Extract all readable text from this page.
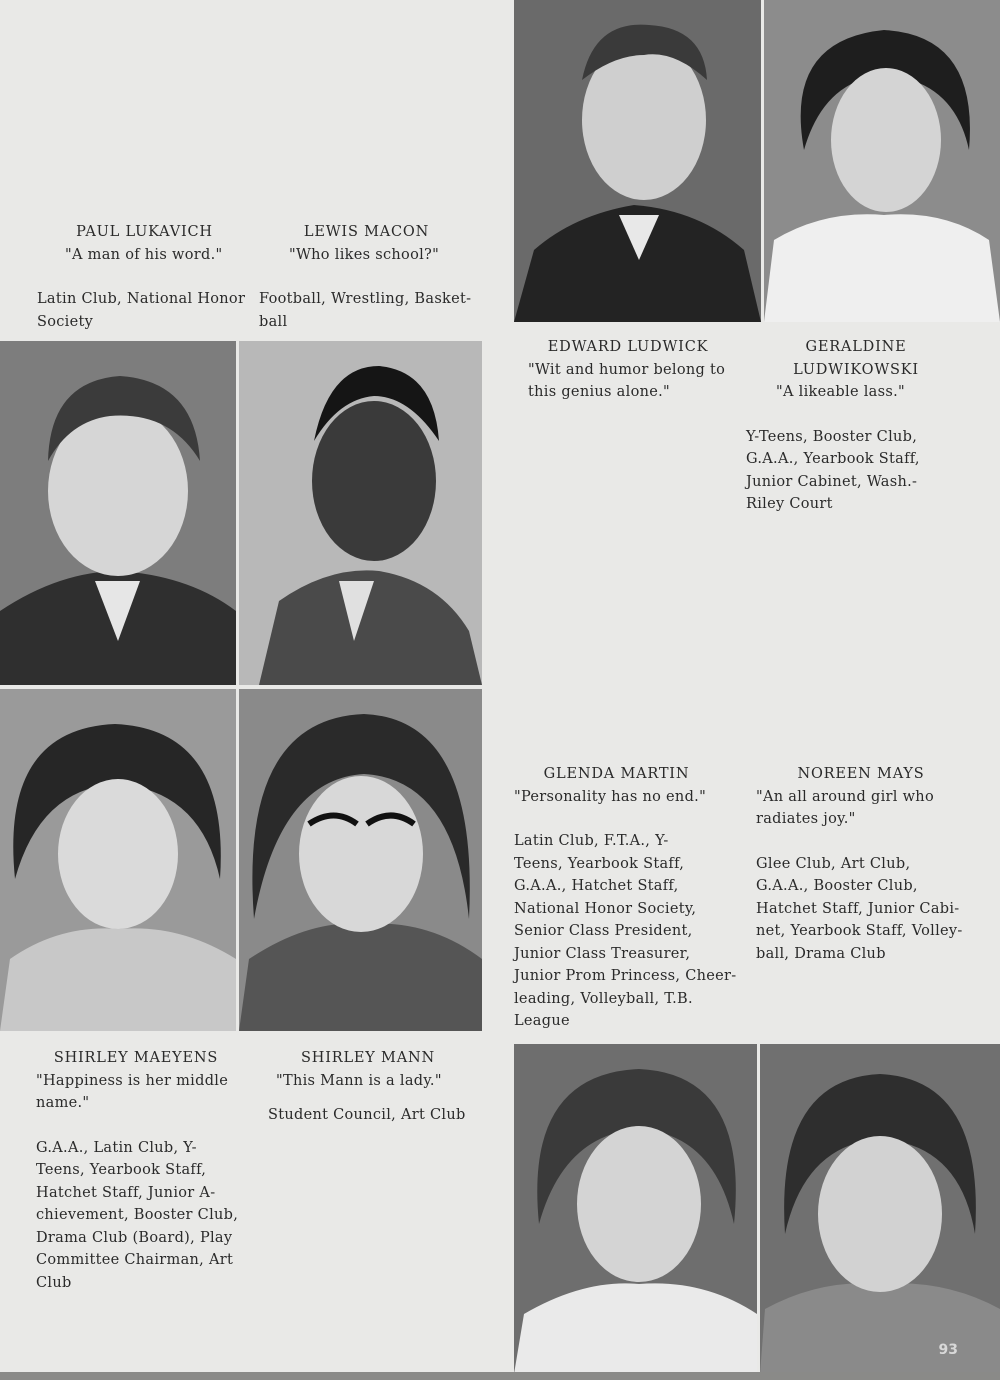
PAUL LUKAVICH
"A man of his word."
Latin Club, National Honor
Society
LEWIS MACON
"Who likes school?"
Football, Wrestling, Basket-
ball
EDWARD LUDWICK
"Wit and humor belong to
this genius alone."
GERALDINE LUDWIKOWSKI
"A likeable lass."
Y-Teens, Booster Club,
G.A.A., Yearbook Staff,
Junior Cabinet, Wash.-
Riley Court
GLENDA MARTIN
"Personality has no end."
Latin Club, F.T.A., Y-
Teens, Yearbook Staff,
G.A.A., Hatchet Staff,
National Honor Society,
Senior Class President,
Junior Class Treasurer,
Junior Prom Princess, Cheer-
leading, Volleyball, T.B.
League
NOREEN MAYS
"An all around girl who
radiates joy."
Glee Club, Art Club,
G.A.A., Booster Club,
Hatchet Staff, Junior Cabi-
net, Yearbook Staff, Volley-
ball, Drama Club
SHIRLEY MAEYENS
"Happiness is her middle
name."
G.A.A., Latin Club, Y-
Teens, Yearbook Staff,
Hatchet Staff, Junior A-
chievement, Booster Club,
Drama Club (Board), Play
Committee Chairman, Art
Club
SHIRLEY MANN
"This Mann is a lady."
Student Council, Art Club
93
